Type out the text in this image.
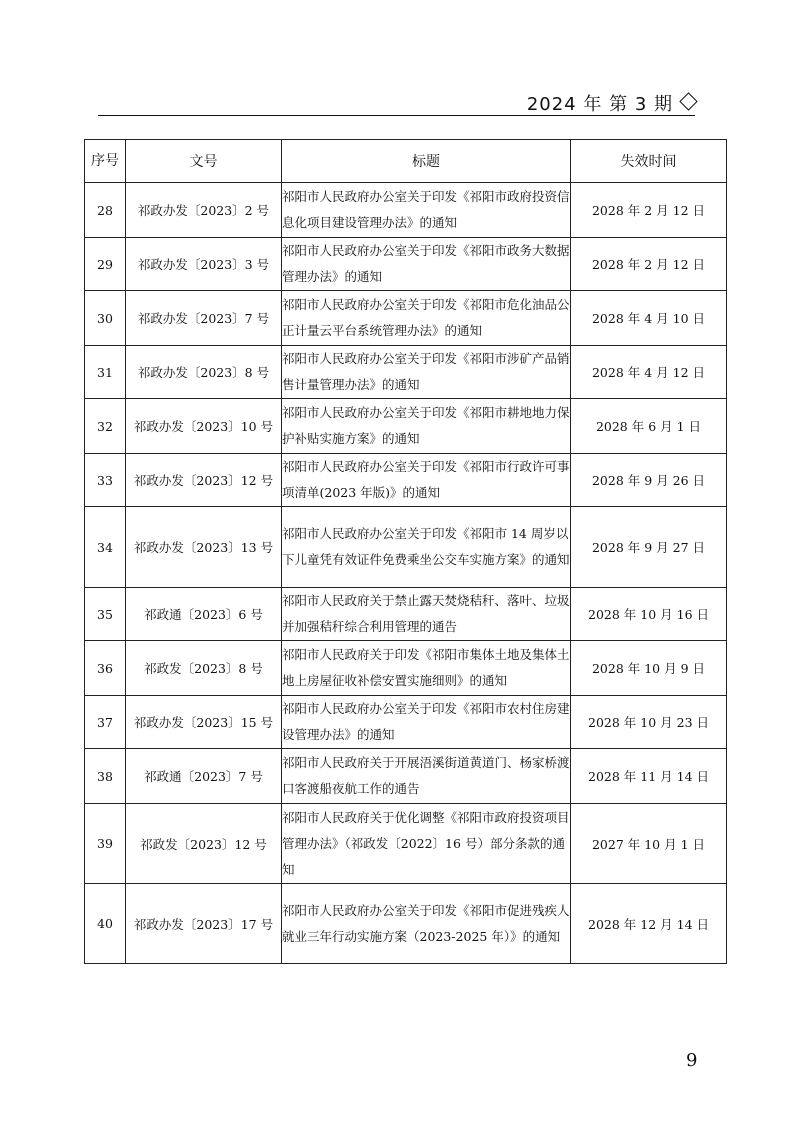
2024 年 第 3 期
序号	文号	标题	失效时间
28	祁政办发〔2023〕2 号	祁阳市人民政府办公室关于印发《祁阳市政府投资信息化项目建设管理办法》的通知	2028 年 2 月 12 日
29	祁政办发〔2023〕3 号	祁阳市人民政府办公室关于印发《祁阳市政务大数据管理办法》的通知	2028 年 2 月 12 日
30	祁政办发〔2023〕7 号	祁阳市人民政府办公室关于印发《祁阳市危化油品公正计量云平台系统管理办法》的通知	2028 年 4 月 10 日
31	祁政办发〔2023〕8 号	祁阳市人民政府办公室关于印发《祁阳市涉矿产品销售计量管理办法》的通知	2028 年 4 月 12 日
32	祁政办发〔2023〕10 号	祁阳市人民政府办公室关于印发《祁阳市耕地地力保护补贴实施方案》的通知	2028 年 6 月 1 日
33	祁政办发〔2023〕12 号	祁阳市人民政府办公室关于印发《祁阳市行政许可事项清单(2023 年版)》的通知	2028 年 9 月 26 日
34	祁政办发〔2023〕13 号	祁阳市人民政府办公室关于印发《祁阳市 14 周岁以下儿童凭有效证件免费乘坐公交车实施方案》的通知	2028 年 9 月 27 日
35	祁政通〔2023〕6 号	祁阳市人民政府关于禁止露天焚烧秸秆、落叶、垃圾并加强秸秆综合利用管理的通告	2028 年 10 月 16 日
36	祁政发〔2023〕8 号	祁阳市人民政府关于印发《祁阳市集体土地及集体土地上房屋征收补偿安置实施细则》的通知	2028 年 10 月 9 日
37	祁政办发〔2023〕15 号	祁阳市人民政府办公室关于印发《祁阳市农村住房建设管理办法》的通知	2028 年 10 月 23 日
38	祁政通〔2023〕7 号	祁阳市人民政府关于开展浯溪街道黄道门、杨家桥渡口客渡船夜航工作的通告	2028 年 11 月 14 日
39	祁政发〔2023〕12 号	祁阳市人民政府关于优化调整《祁阳市政府投资项目管理办法》（祁政发〔2022〕16 号）部分条款的通知	2027 年 10 月 1 日
40	祁政办发〔2023〕17 号	祁阳市人民政府办公室关于印发《祁阳市促进残疾人就业三年行动实施方案（2023-2025 年）》的通知	2028 年 12 月 14 日
9
